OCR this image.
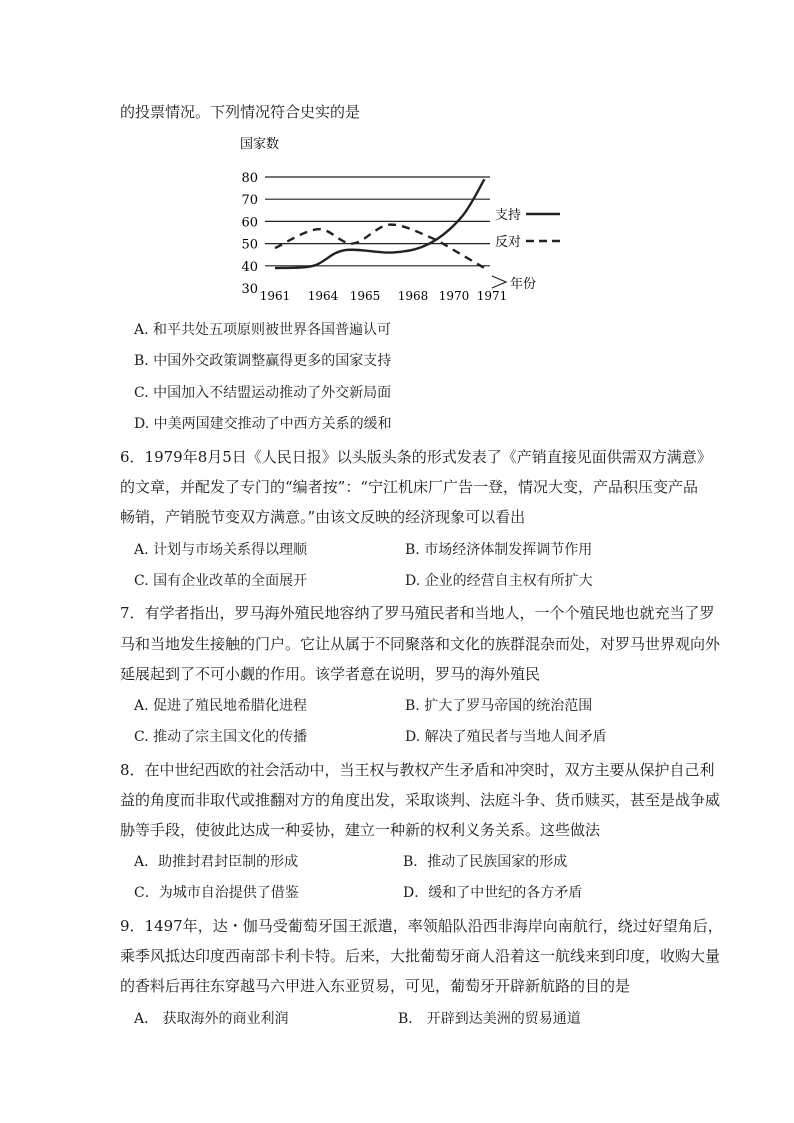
的投票情况。下列情况符合史实的是
国家数
80
70
60
50
40
30 1961 1964 1965 1968 1970 1971
年份
支持
反对
A. 和平共处五项原则被世界各国普遍认可
B. 中国外交政策调整赢得更多的国家支持
C. 中国加入不结盟运动推动了外交新局面
D. 中美两国建交推动了中西方关系的缓和
6．1979年8月5日《人民日报》以头版头条的形式发表了《产销直接见面供需双方满意》
的文章，并配发了专门的“编者按”：“宁江机床厂广告一登，情况大变，产品积压变产品
畅销，产销脱节变双方满意。”由该文反映的经济现象可以看出
A. 计划与市场关系得以理顺	B. 市场经济体制发挥调节作用
C. 国有企业改革的全面展开	D. 企业的经营自主权有所扩大
7．有学者指出，罗马海外殖民地容纳了罗马殖民者和当地人，一个个殖民地也就充当了罗
马和当地发生接触的门户。它让从属于不同聚落和文化的族群混杂而处，对罗马世界观向外
延展起到了不可小觑的作用。该学者意在说明，罗马的海外殖民
A. 促进了殖民地希腊化进程	B. 扩大了罗马帝国的统治范围
C. 推动了宗主国文化的传播	D. 解决了殖民者与当地人间矛盾
8．在中世纪西欧的社会活动中，当王权与教权产生矛盾和冲突时，双方主要从保护自己利
益的角度而非取代或推翻对方的角度出发，采取谈判、法庭斗争、货币赎买，甚至是战争威
胁等手段，使彼此达成一种妥协，建立一种新的权利义务关系。这些做法
A．助推封君封臣制的形成	B．推动了民族国家的形成
C．为城市自治提供了借鉴	D．缓和了中世纪的各方矛盾
9．1497年，达・伽马受葡萄牙国王派遣，率领船队沿西非海岸向南航行，绕过好望角后，
乘季风抵达印度西南部卡利卡特。后来，大批葡萄牙商人沿着这一航线来到印度，收购大量
的香料后再往东穿越马六甲进入东亚贸易，可见，葡萄牙开辟新航路的目的是
A． 获取海外的商业利润	B． 开辟到达美洲的贸易通道
